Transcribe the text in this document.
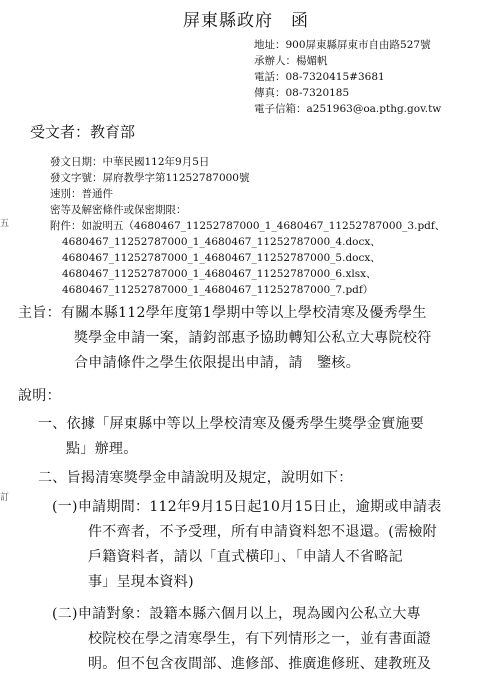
屏東縣政府　函
地址：900屏東縣屏東市自由路527號
承辦人：楊媚帆
電話：08-7320415#3681
傳真：08-7320185
電子信箱：a251963@oa.pthg.gov.tw
受文者：教育部
發文日期：中華民國112年9月5日
發文字號：屏府教學字第11252787000號
速別：普通件
密等及解密條件或保密期限：
附件：如說明五（4680467_11252787000_1_4680467_11252787000_3.pdf、
4680467_11252787000_1_4680467_11252787000_4.docx、
4680467_11252787000_1_4680467_11252787000_5.docx、
4680467_11252787000_1_4680467_11252787000_6.xlsx、
4680467_11252787000_1_4680467_11252787000_7.pdf）
主旨：有關本縣112學年度第1學期中等以上學校清寒及優秀學生
獎學金申請一案，請鈞部惠予協助轉知公私立大專院校符
合申請條件之學生依限提出申請，請　鑒核。
說明：
一、依據「屏東縣中等以上學校清寒及優秀學生獎學金實施要
點」辦理。
二、旨揭清寒獎學金申請說明及規定，說明如下：
(一)申請期間：112年9月15日起10月15日止，逾期或申請表
件不齊者，不予受理，所有申請資料恕不退還。(需檢附
戶籍資料者，請以「直式橫印」、「申請人不省略記
事」呈現本資料)
(二)申請對象：設籍本縣六個月以上，現為國內公私立大專
校院校在學之清寒學生，有下列情形之一，並有書面證
明。但不包含夜間部、進修部、推廣進修班、建教班及
五
訂
